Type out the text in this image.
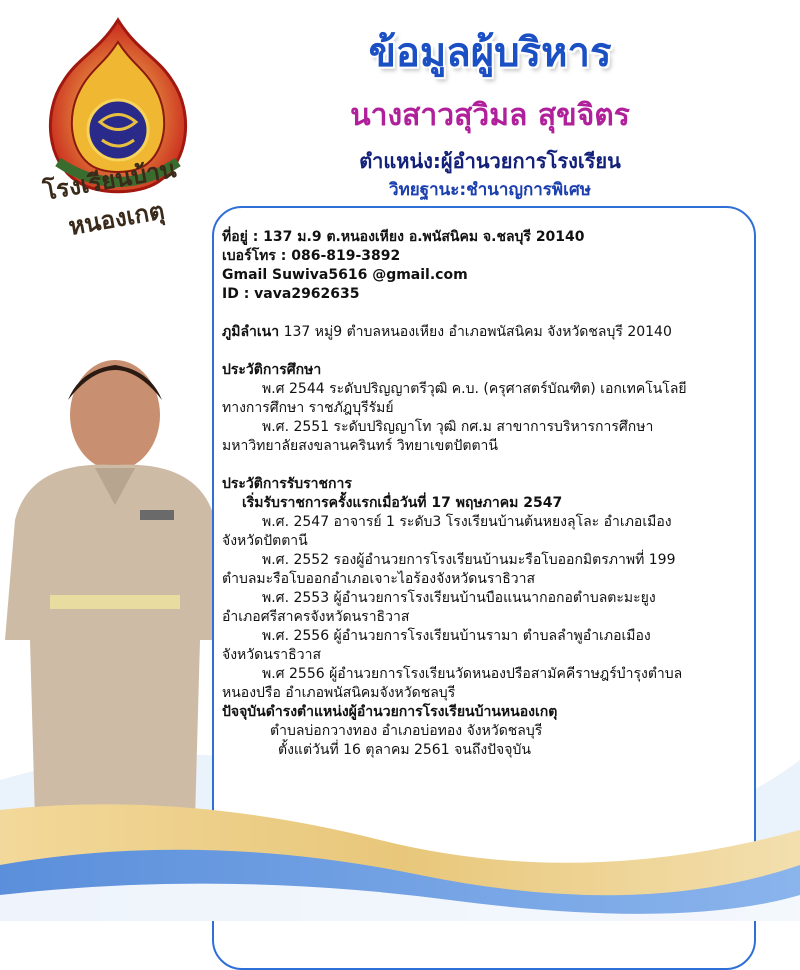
โรงเรียนบ้านหนองเกตุ
ข้อมูลผู้บริหาร
นางสาวสุวิมล สุขจิตร
ตำแหน่ง:ผู้อำนวยการโรงเรียน
วิทยฐานะ:ชำนาญการพิเศษ
ที่อยู่ : 137 ม.9 ต.หนองเหียง อ.พนัสนิคม จ.ชลบุรี 20140
เบอร์โทร : 086-819-3892
Gmail Suwiva5616 @gmail.com
ID : vava2962635
ภูมิลำเนา 137 หมู่9 ตำบลหนองเหียง อำเภอพนัสนิคม จังหวัดชลบุรี 20140
ประวัติการศึกษา
พ.ศ 2544 ระดับปริญญาตรีวุฒิ ค.บ. (ครุศาสตร์บัณฑิต) เอกเทคโนโลยี
ทางการศึกษา ราชภัฎบุรีรัมย์
พ.ศ. 2551 ระดับปริญญาโท วุฒิ กศ.ม สาขาการบริหารการศึกษา
มหาวิทยาลัยสงขลานครินทร์ วิทยาเขตปัตตานี
ประวัติการรับราชการ
เริ่มรับราชการครั้งแรกเมื่อวันที่ 17 พฤษภาคม 2547
พ.ศ. 2547 อาจารย์ 1 ระดับ3 โรงเรียนบ้านต้นหยงลุโละ อำเภอเมือง
จังหวัดปัตตานี
พ.ศ. 2552 รองผู้อำนวยการโรงเรียนบ้านมะรือโบออกมิตรภาพที่ 199
ตำบลมะรือโบออกอำเภอเจาะไอร้องจังหวัดนราธิวาส
พ.ศ. 2553 ผู้อำนวยการโรงเรียนบ้านบือแนนากอกอตำบลตะมะยูง
อำเภอศรีสาครจังหวัดนราธิวาส
พ.ศ. 2556 ผู้อำนวยการโรงเรียนบ้านรามา ตำบลลำพูอำเภอเมือง
จังหวัดนราธิวาส
พ.ศ 2556 ผู้อำนวยการโรงเรียนวัดหนองปรือสามัคคีราษฎร์บำรุงตำบล
หนองปรือ อำเภอพนัสนิคมจังหวัดชลบุรี
ปัจจุบันดำรงตำแหน่งผู้อำนวยการโรงเรียนบ้านหนองเกตุ
ตำบลบ่อกวางทอง อำเภอบ่อทอง จังหวัดชลบุรี
ตั้งแต่วันที่ 16 ตุลาคม 2561 จนถึงปัจจุบัน
